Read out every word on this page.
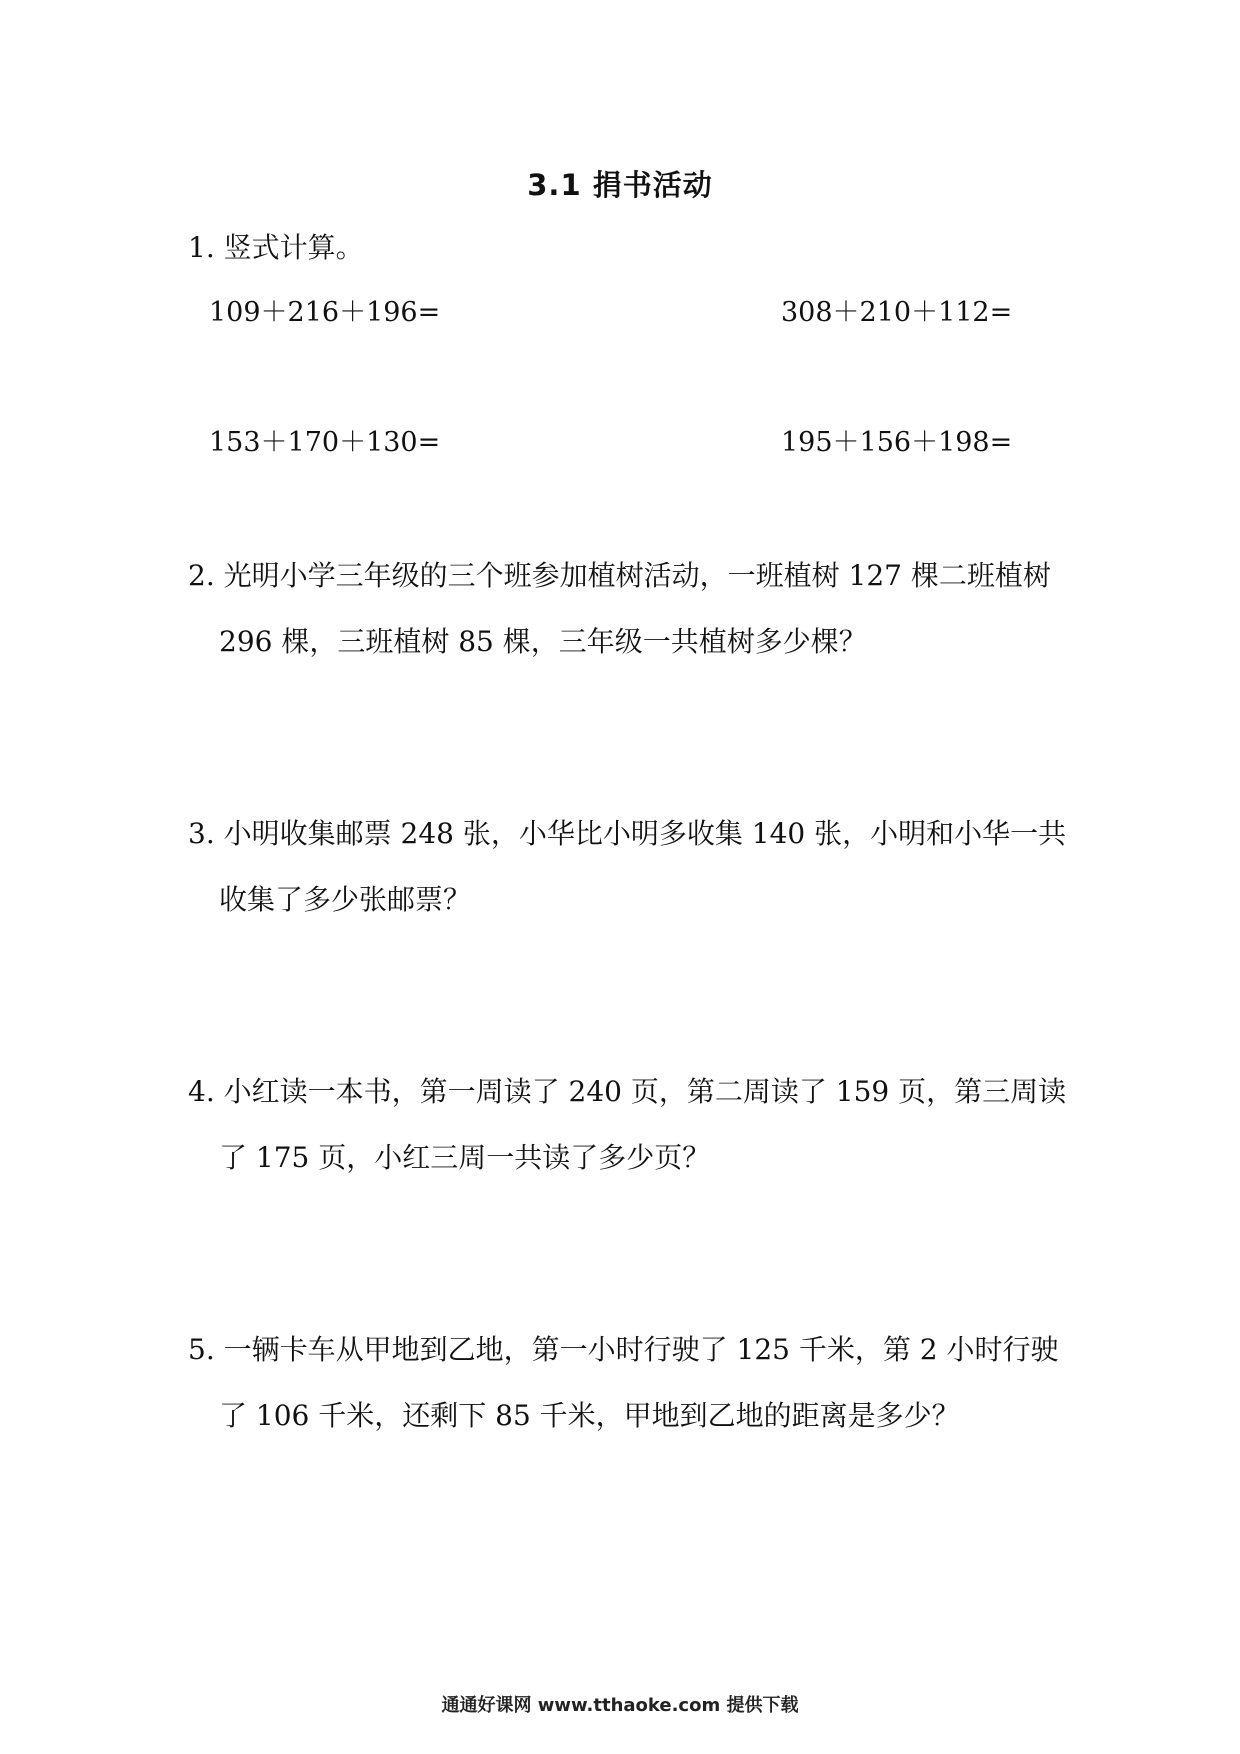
3.1 捐书活动
1. 竖式计算。
109＋216＋196=	308＋210＋112=
153＋170＋130=	195＋156＋198=
2. 光明小学三年级的三个班参加植树活动，一班植树 127 棵二班植树
296 棵，三班植树 85 棵，三年级一共植树多少棵？
3. 小明收集邮票 248 张，小华比小明多收集 140 张，小明和小华一共
收集了多少张邮票？
4. 小红读一本书，第一周读了 240 页，第二周读了 159 页，第三周读
了 175 页，小红三周一共读了多少页？
5. 一辆卡车从甲地到乙地，第一小时行驶了 125 千米，第 2 小时行驶
了 106 千米，还剩下 85 千米，甲地到乙地的距离是多少？
通通好课网 www.tthaoke.com 提供下载
